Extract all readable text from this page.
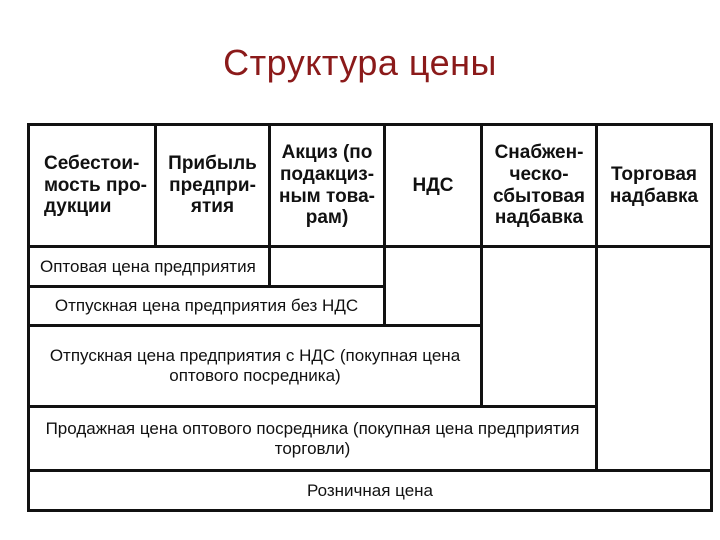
Структура цены
Себестои-
мость про-
дукции
Прибыль
предпри-
ятия
Акциз (по
подакциз-
ным това-
рам)
НДС
Снабжен-
ческо-
сбытовая
надбавка
Торговая
надбавка
Оптовая цена предприятия
Отпускная цена предприятия без НДС
Отпускная цена предприятия с НДС (покупная цена
оптового посредника)
Продажная цена оптового посредника (покупная цена предприятия
торговли)
Розничная цена
